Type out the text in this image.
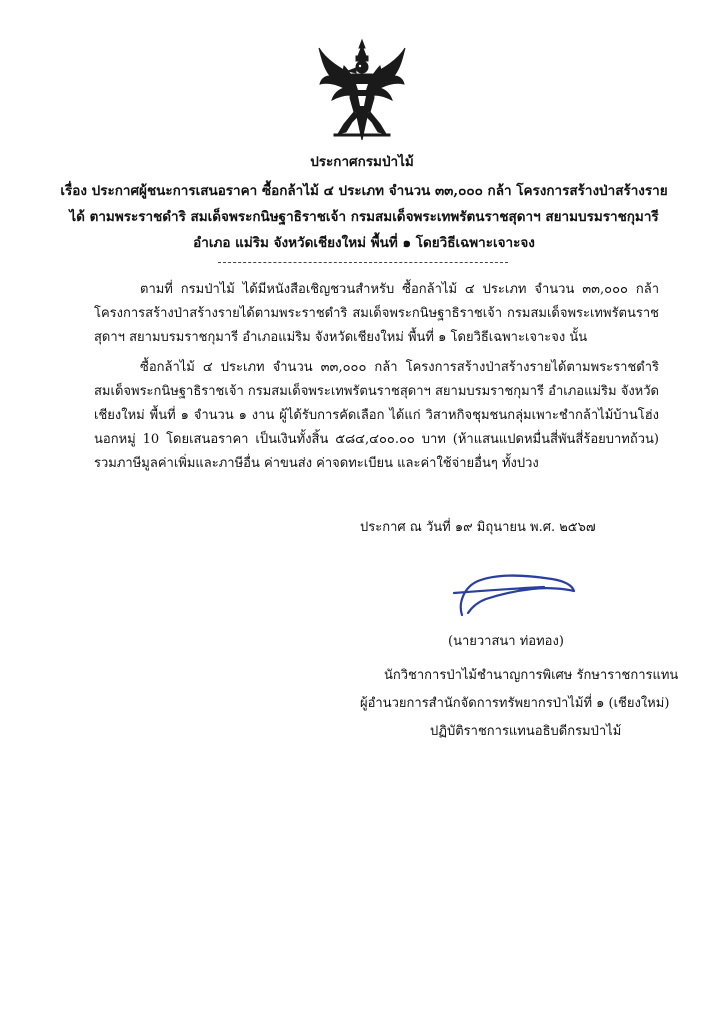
ประกาศกรมป่าไม้
เรื่อง ประกาศผู้ชนะการเสนอราคา ซื้อกล้าไม้ ๔ ประเภท จำนวน ๓๓,๐๐๐ กล้า โครงการสร้างป่าสร้างรายได้ ตามพระราชดำริ สมเด็จพระกนิษฐาธิราชเจ้า กรมสมเด็จพระเทพรัตนราชสุดาฯ สยามบรมราชกุมารี อำเภอ แม่ริม จังหวัดเชียงใหม่ พื้นที่ ๑ โดยวิธีเฉพาะเจาะจง
ตามที่ กรมป่าไม้ ได้มีหนังสือเชิญชวนสำหรับ ซื้อกล้าไม้ ๔ ประเภท จำนวน ๓๓,๐๐๐ กล้า โครงการสร้างป่าสร้างรายได้ตามพระราชดำริ สมเด็จพระกนิษฐาธิราชเจ้า กรมสมเด็จพระเทพรัตนราชสุดาฯ สยามบรมราชกุมารี อำเภอแม่ริม จังหวัดเชียงใหม่ พื้นที่ ๑ โดยวิธีเฉพาะเจาะจง นั้น
ซื้อกล้าไม้ ๔ ประเภท จำนวน ๓๓,๐๐๐ กล้า โครงการสร้างป่าสร้างรายได้ตามพระราชดำริ สมเด็จพระกนิษฐาธิราชเจ้า กรมสมเด็จพระเทพรัตนราชสุดาฯ สยามบรมราชกุมารี อำเภอแม่ริม จังหวัดเชียงใหม่ พื้นที่ ๑ จำนวน ๑ งาน ผู้ได้รับการคัดเลือก ได้แก่ วิสาหกิจชุมชนกลุ่มเพาะชำกล้าไม้บ้านโฮ่งนอกหมู่ 10 โดยเสนอราคา เป็นเงินทั้งสิ้น ๕๘๔,๔๐๐.๐๐ บาท (ห้าแสนแปดหมื่นสี่พันสี่ร้อยบาทถ้วน) รวมภาษีมูลค่าเพิ่มและภาษีอื่น ค่าขนส่ง ค่าจดทะเบียน และค่าใช้จ่ายอื่นๆ ทั้งปวง
ประกาศ ณ วันที่ ๑๙ มิถุนายน พ.ศ. ๒๕๖๗
(นายวาสนา ท่อทอง)
นักวิชาการป่าไม้ชำนาญการพิเศษ รักษาราชการแทน
ผู้อำนวยการสำนักจัดการทรัพยากรป่าไม้ที่ ๑ (เชียงใหม่)
ปฏิบัติราชการแทนอธิบดีกรมป่าไม้
